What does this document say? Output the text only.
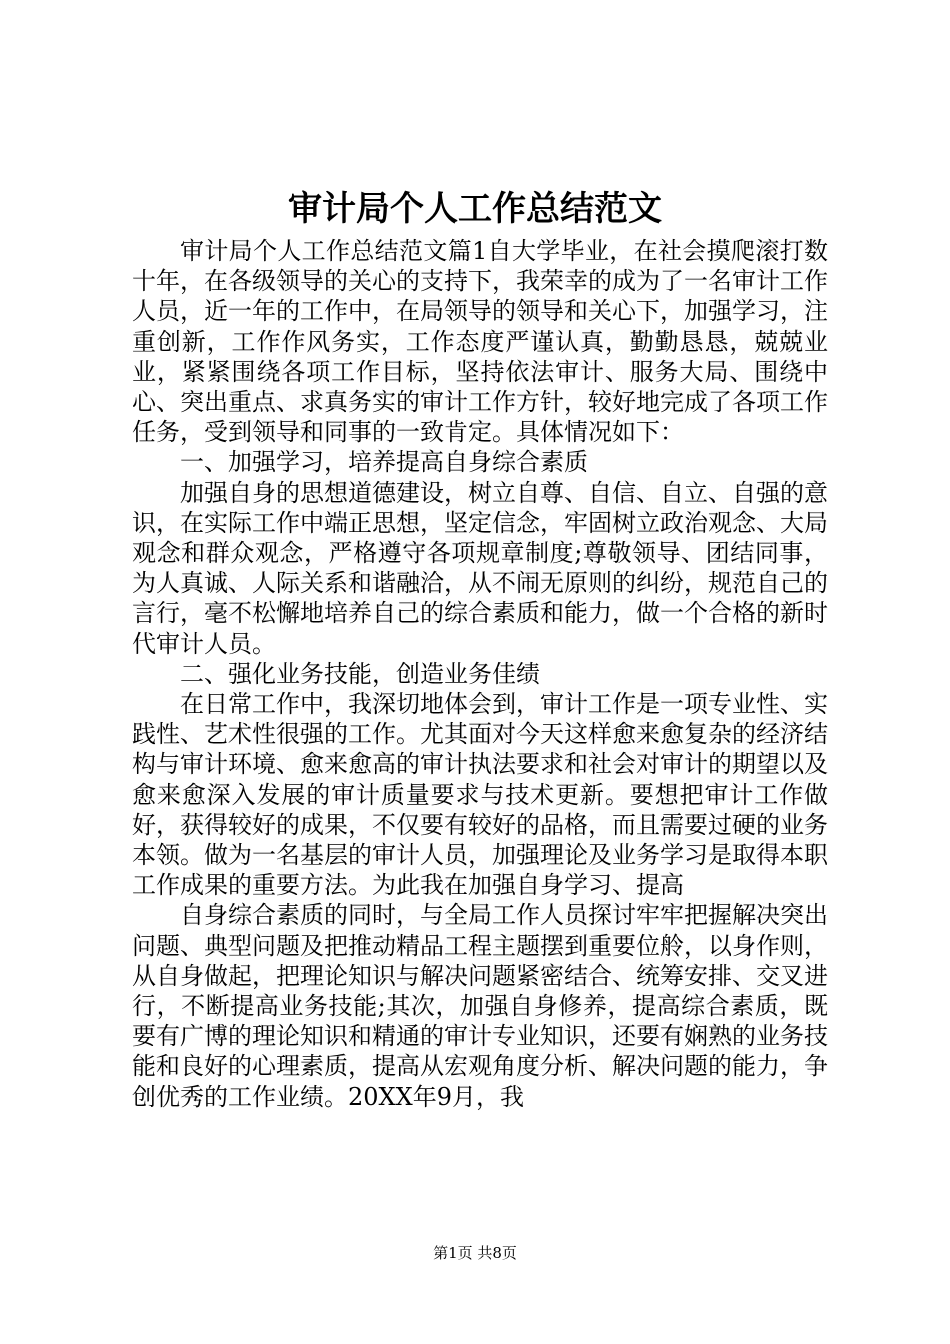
审计局个人工作总结范文

审计局个人工作总结范文篇1自大学毕业，在社会摸爬滚打数十年，在各级领导的关心的支持下，我荣幸的成为了一名审计工作人员，近一年的工作中，在局领导的领导和关心下，加强学习，注重创新，工作作风务实，工作态度严谨认真，勤勤恳恳，兢兢业业，紧紧围绕各项工作目标，坚持依法审计、服务大局、围绕中心、突出重点、求真务实的审计工作方针，较好地完成了各项工作任务，受到领导和同事的一致肯定。具体情况如下：

一、加强学习，培养提高自身综合素质

加强自身的思想道德建设，树立自尊、自信、自立、自强的意识，在实际工作中端正思想，坚定信念，牢固树立政治观念、大局观念和群众观念，严格遵守各项规章制度;尊敬领导、团结同事，为人真诚、人际关系和谐融洽，从不闹无原则的纠纷，规范自己的言行，毫不松懈地培养自己的综合素质和能力，做一个合格的新时代审计人员。

二、强化业务技能，创造业务佳绩

在日常工作中，我深切地体会到，审计工作是一项专业性、实践性、艺术性很强的工作。尤其面对今天这样愈来愈复杂的经济结构与审计环境、愈来愈高的审计执法要求和社会对审计的期望以及愈来愈深入发展的审计质量要求与技术更新。要想把审计工作做好，获得较好的成果，不仅要有较好的品格，而且需要过硬的业务本领。做为一名基层的审计人员，加强理论及业务学习是取得本职工作成果的重要方法。为此我在加强自身学习、提高

自身综合素质的同时，与全局工作人员探讨牢牢把握解决突出问题、典型问题及把推动精品工程主题摆到重要位舲，以身作则，从自身做起，把理论知识与解决问题紧密结合、统筹安排、交叉进行，不断提高业务技能;其次，加强自身修养，提高综合素质，既要有广博的理论知识和精通的审计专业知识，还要有娴熟的业务技能和良好的心理素质，提高从宏观角度分析、解决问题的能力，争创优秀的工作业绩。20XX年9月，我

第1页 共8页
